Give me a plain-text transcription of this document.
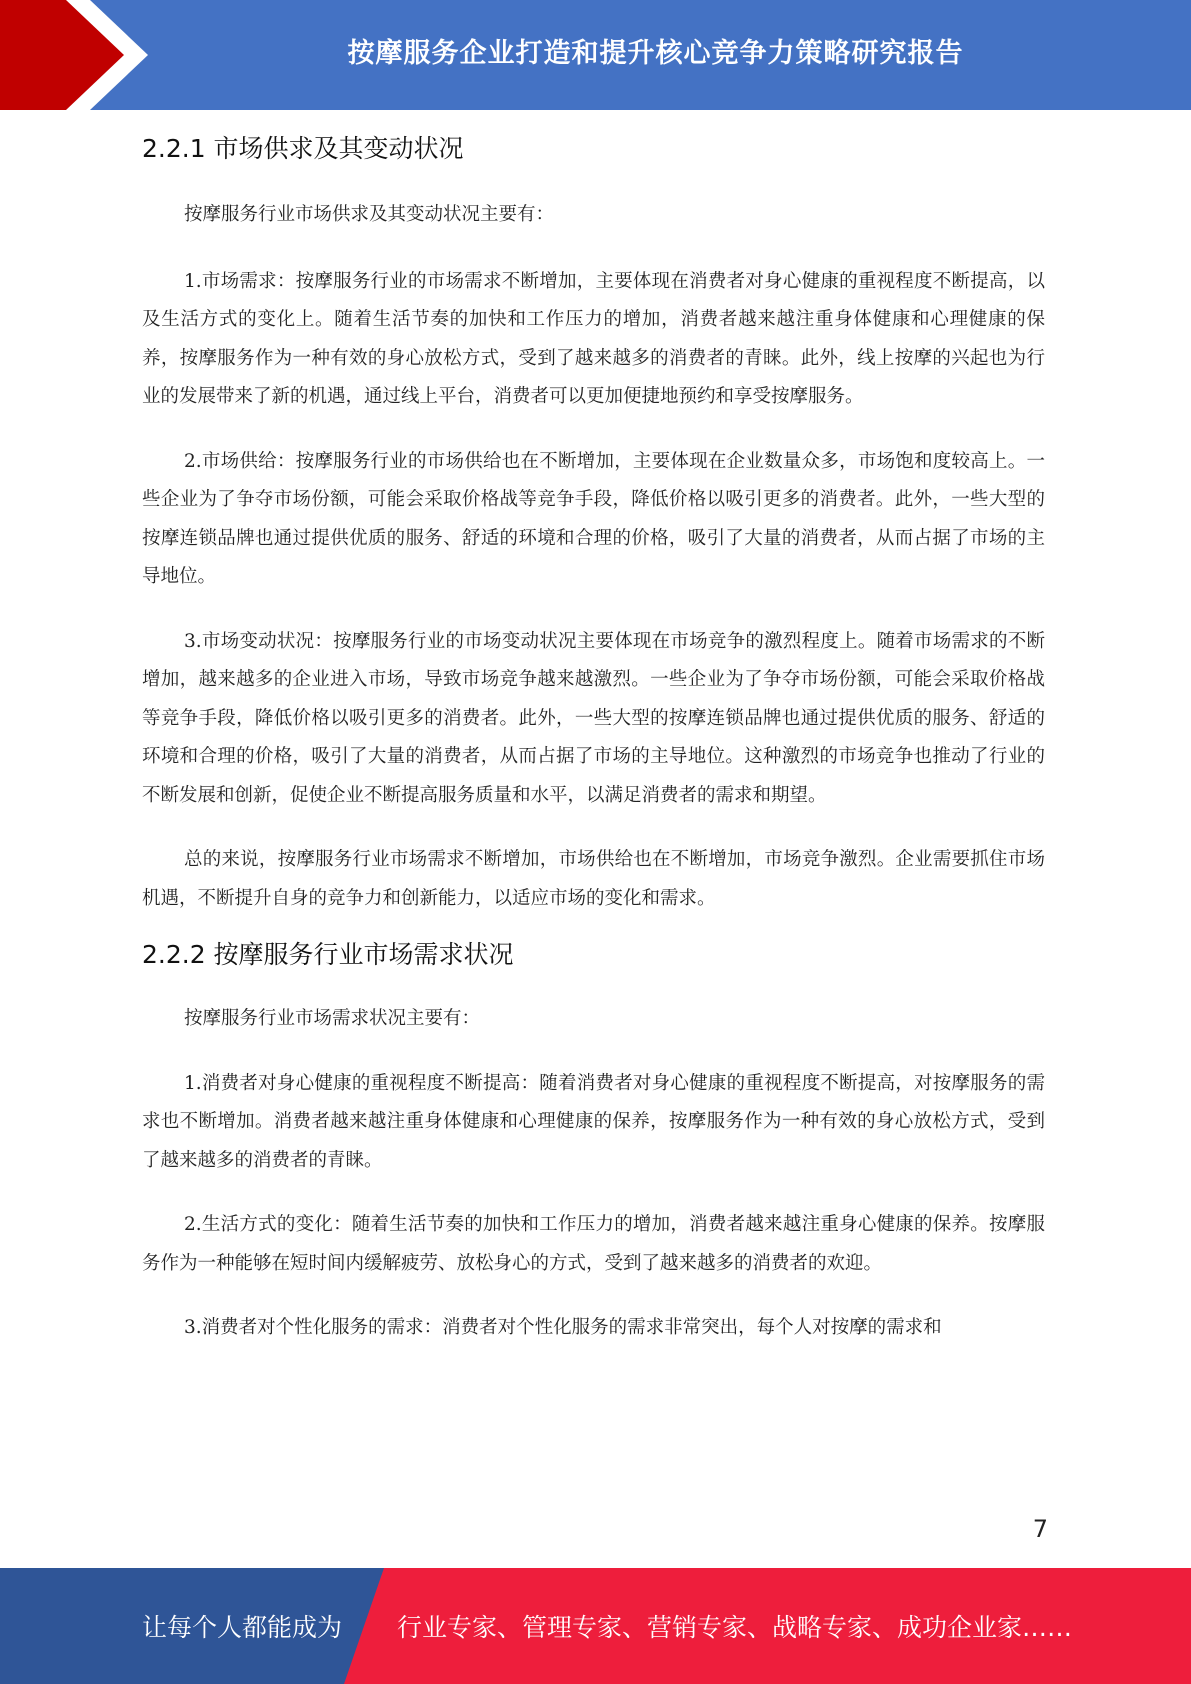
按摩服务企业打造和提升核心竞争力策略研究报告
2.2.1 市场供求及其变动状况

按摩服务行业市场供求及其变动状况主要有：

1.市场需求：按摩服务行业的市场需求不断增加，主要体现在消费者对身心健康的重视程度不断提高，以及生活方式的变化上。随着生活节奏的加快和工作压力的增加，消费者越来越注重身体健康和心理健康的保养，按摩服务作为一种有效的身心放松方式，受到了越来越多的消费者的青睐。此外，线上按摩的兴起也为行业的发展带来了新的机遇，通过线上平台，消费者可以更加便捷地预约和享受按摩服务。

2.市场供给：按摩服务行业的市场供给也在不断增加，主要体现在企业数量众多，市场饱和度较高上。一些企业为了争夺市场份额，可能会采取价格战等竞争手段，降低价格以吸引更多的消费者。此外，一些大型的按摩连锁品牌也通过提供优质的服务、舒适的环境和合理的价格，吸引了大量的消费者，从而占据了市场的主导地位。

3.市场变动状况：按摩服务行业的市场变动状况主要体现在市场竞争的激烈程度上。随着市场需求的不断增加，越来越多的企业进入市场，导致市场竞争越来越激烈。一些企业为了争夺市场份额，可能会采取价格战等竞争手段，降低价格以吸引更多的消费者。此外，一些大型的按摩连锁品牌也通过提供优质的服务、舒适的环境和合理的价格，吸引了大量的消费者，从而占据了市场的主导地位。这种激烈的市场竞争也推动了行业的不断发展和创新，促使企业不断提高服务质量和水平，以满足消费者的需求和期望。

总的来说，按摩服务行业市场需求不断增加，市场供给也在不断增加，市场竞争激烈。企业需要抓住市场机遇，不断提升自身的竞争力和创新能力，以适应市场的变化和需求。

2.2.2 按摩服务行业市场需求状况

按摩服务行业市场需求状况主要有：

1.消费者对身心健康的重视程度不断提高：随着消费者对身心健康的重视程度不断提高，对按摩服务的需求也不断增加。消费者越来越注重身体健康和心理健康的保养，按摩服务作为一种有效的身心放松方式，受到了越来越多的消费者的青睐。

2.生活方式的变化：随着生活节奏的加快和工作压力的增加，消费者越来越注重身心健康的保养。按摩服务作为一种能够在短时间内缓解疲劳、放松身心的方式，受到了越来越多的消费者的欢迎。

3.消费者对个性化服务的需求：消费者对个性化服务的需求非常突出，每个人对按摩的需求和

7
让每个人都能成为 行业专家、管理专家、营销专家、战略专家、成功企业家……
